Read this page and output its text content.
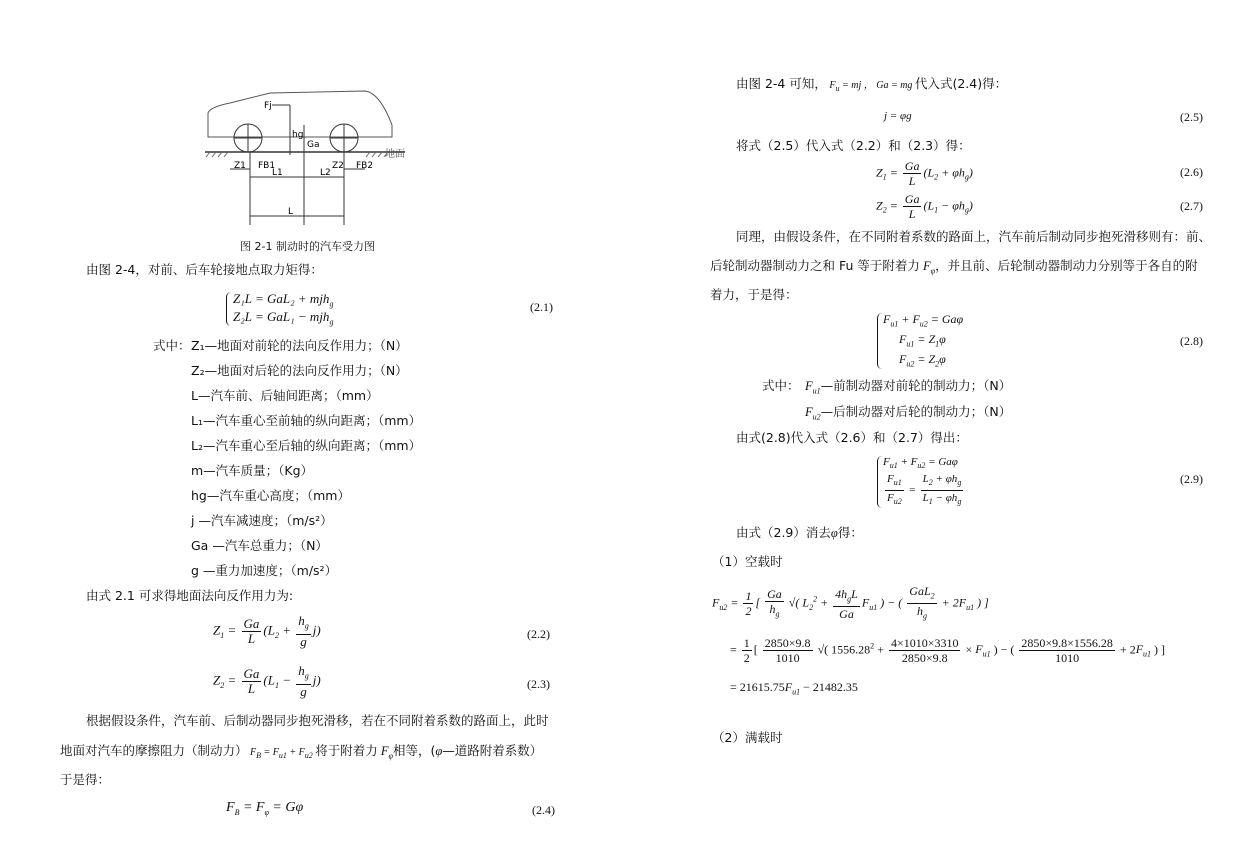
Fj
hg
Ga
地面
Z1 FB1	Z2 FB2
L1	L2
L
图 2-1 制动时的汽车受力图
由图 2-4，对前、后车轮接地点取力矩得：
Z₁L = GaL₂ + mjh$_g$
Z₂L = GaL₁ − mjh$_g$
(2.1)
式中： Z₁—地面对前轮的法向反作用力；（N）
Z₂—地面对后轮的法向反作用力；（N）
L—汽车前、后轴间距离；（mm）
L₁—汽车重心至前轴的纵向距离；（mm）
L₂—汽车重心至后轴的纵向距离；（mm）
m—汽车质量；（Kg）
hg—汽车重心高度；（mm）
j —汽车减速度；（m/s²）
Ga —汽车总重力；（N）
g —重力加速度；（m/s²）
由式 2.1 可求得地面法向反作用力为:
$Z_1 = \frac{Ga}{L} (L_2 + \frac{h_g}{g} j)$	(2.2)
$Z_2 = \frac{Ga}{L} (L_1 - \frac{h_g}{g} j)$	(2.3)
根据假设条件，汽车前、后制动器同步抱死滑移，若在不同附着系数的路面上，此时
地面对汽车的摩擦阻力（制动力） $F_B = F_{u1} + F_{u2}$ 将于附着力 $F_\varphi$相等，(φ—道路附着系数）
于是得：
$F_B = F_\varphi = G\varphi$	(2.4)
由图 2-4 可知， $F_u$ = mj ， Ga = mg 代入式(2.4)得：
j = φg	(2.5)
将式（2.5）代入式（2.2）和（2.3）得：
$Z_1 = \frac{Ga}{L} (L_2 + \varphi h_g)$	(2.6)
$Z_2 = \frac{Ga}{L} (L_1 - \varphi h_g)$	(2.7)
同理，由假设条件，在不同附着系数的路面上，汽车前后制动同步抱死滑移则有：前、
后轮制动器制动力之和 Fu 等于附着力 $F_\varphi$，并且前、后轮制动器制动力分别等于各自的附
着力，于是得：
$F_{u1} + F_{u2} = Ga\varphi$
$F_{u1} = Z_1\varphi$
$F_{u2} = Z_2\varphi$
(2.8)
式中： $F_{u1}—$前制动器对前轮的制动力；（N）
$F_{u2}—$后制动器对后轮的制动力；（N）
由式(2.8)代入式（2.6）和（2.7）得出：
$F_{u1} + F_{u2} = Ga\varphi$
$\frac{F_{u1}}{F_{u2}} = \frac{L_2 + \varphi h_g}{L_1 - \varphi h_g}$	(2.9)
由式（2.9）消去φ得：
（1）空载时
$F_{u2} = \frac{1}{2}$ [ $\frac{Ga}{h_g}$ √( $L_2^2 + \frac{4h_gL}{Ga} F_{u1}$ ) − ( $\frac{GaL_2}{h_g} + 2F_{u1}$ ) ]
= $\frac{1}{2}$ [ $\frac{2850\times 9.8}{1010}$ √( $1556.28^2 + \frac{4\times 1010\times 3310}{2850\times 9.8} \times F_{u1}$ ) − ( $\frac{2850\times 9.8\times 1556.28}{1010} + 2F_{u1}$ ) ]
= $21615.75F_{u1} - 21482.35$
（2）满载时
